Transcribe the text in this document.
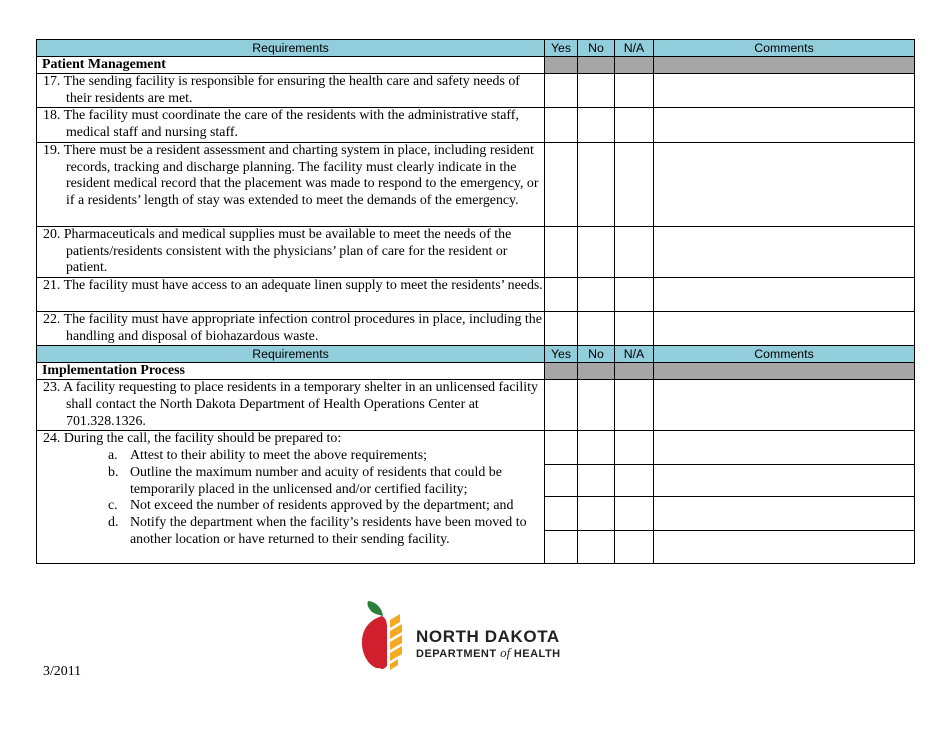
Requirements	Yes	No	N/A	Comments
Patient Management				

17. The sending facility is responsible for ensuring the health care and safety needs of their residents are met.				

18. The facility must coordinate the care of the residents with the administrative staff, medical staff and nursing staff.				

19. There must be a resident assessment and charting system in place, including resident records, tracking and discharge planning. The facility must clearly indicate in the resident medical record that the placement was made to respond to the emergency, or if a residents’ length of stay was extended to meet the demands of the emergency.				

20. Pharmaceuticals and medical supplies must be available to meet the needs of the patients/residents consistent with the physicians’ plan of care for the resident or patient.				

21. The facility must have access to an adequate linen supply to meet the residents’ needs.				

22. The facility must have appropriate infection control procedures in place, including the handling and disposal of biohazardous waste.				

Requirements	Yes	No	N/A	Comments
Implementation Process				

23. A facility requesting to place residents in a temporary shelter in an unlicensed facility shall contact the North Dakota Department of Health Operations Center at 701.328.1326.				

24. During the call, the facility should be prepared to:
a. Attest to their ability to meet the above requirements;
b. Outline the maximum number and acuity of residents that could be temporarily placed in the unlicensed and/or certified facility;
c. Not exceed the number of residents approved by the department; and
d. Notify the department when the facility’s residents have been moved to another location or have returned to their sending facility.				

NORTH DAKOTA
DEPARTMENT of HEALTH
3/2011
